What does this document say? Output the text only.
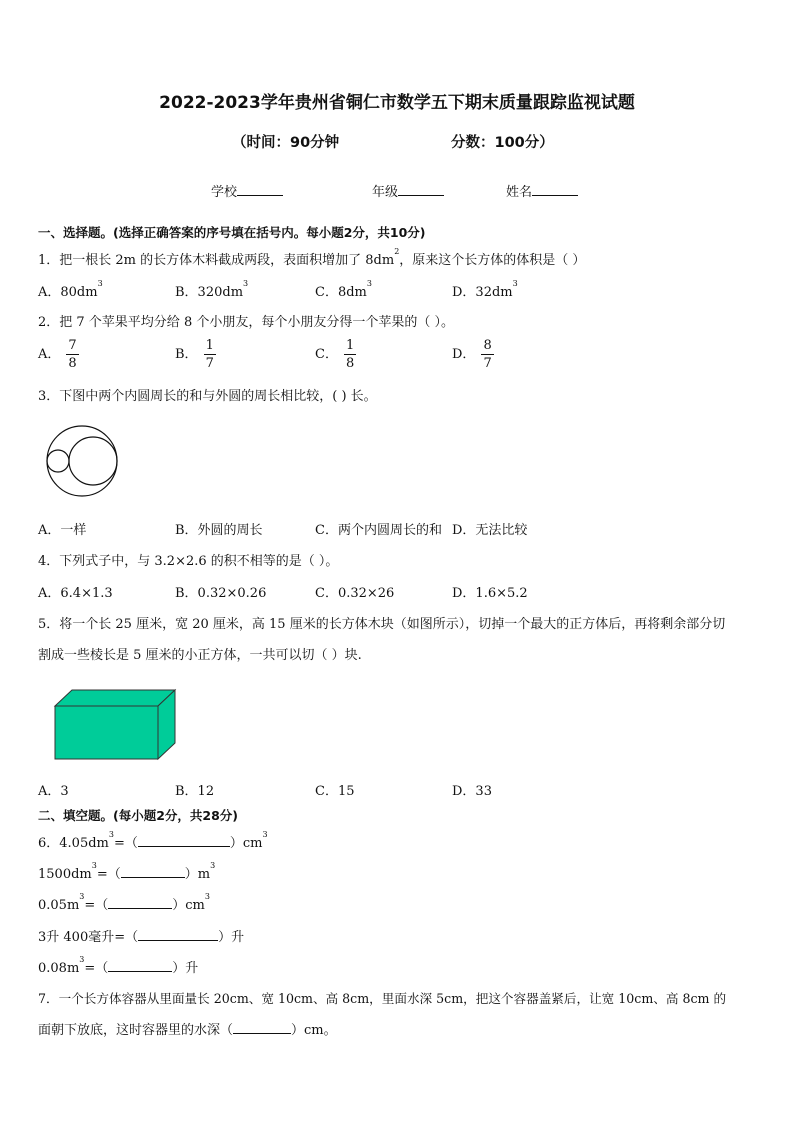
2022-2023学年贵州省铜仁市数学五下期末质量跟踪监视试题
（时间：90分钟	分数：100分）
学校	年级	姓名
一、选择题。(选择正确答案的序号填在括号内。每小题2分，共10分)
1．把一根长 2m 的长方体木料截成两段，表面积增加了 $8dm^2$，原来这个长方体的体积是（ ）
A．$80dm^3$
B．$320dm^3$
C．$8dm^3$
D．$32dm^3$
2．把 7 个苹果平均分给 8 个小朋友，每个小朋友分得一个苹果的（ ）。
A． $\frac{7}{8}$	B． $\frac{1}{7}$	C． $\frac{1}{8}$	D． $\frac{8}{7}$
3．下图中两个内圆周长的和与外圆的周长相比较，( ) 长。
A．一样	B．外圆的周长	C．两个内圆周长的和 D．无法比较
4．下列式子中，与 3.2×2.6 的积不相等的是（ ）。
A．6.4×1.3	B．0.32×0.26	C．0.32×26	D．1.6×5.2
5．将一个长 25 厘米，宽 20 厘米，高 15 厘米的长方体木块（如图所示），切掉一个最大的正方体后，再将剩余部分切
割成一些棱长是 5 厘米的小正方体，一共可以切（ ）块.
A．3	B．12	C．15	D．33
二、填空题。(每小题2分，共28分)
6．$4.05dm^3=$（	）$cm^3$
$1500dm^3=$（	）$m^3$
$0.05m^3=$（	）$cm^3$
3升 400毫升=（	）升
$0.08m^3=$（	）升
7．一个长方体容器从里面量长 20cm、宽 10cm、高 8cm，里面水深 5cm，把这个容器盖紧后，让宽 10cm、高 8cm 的
面朝下放底，这时容器里的水深（	）cm。
